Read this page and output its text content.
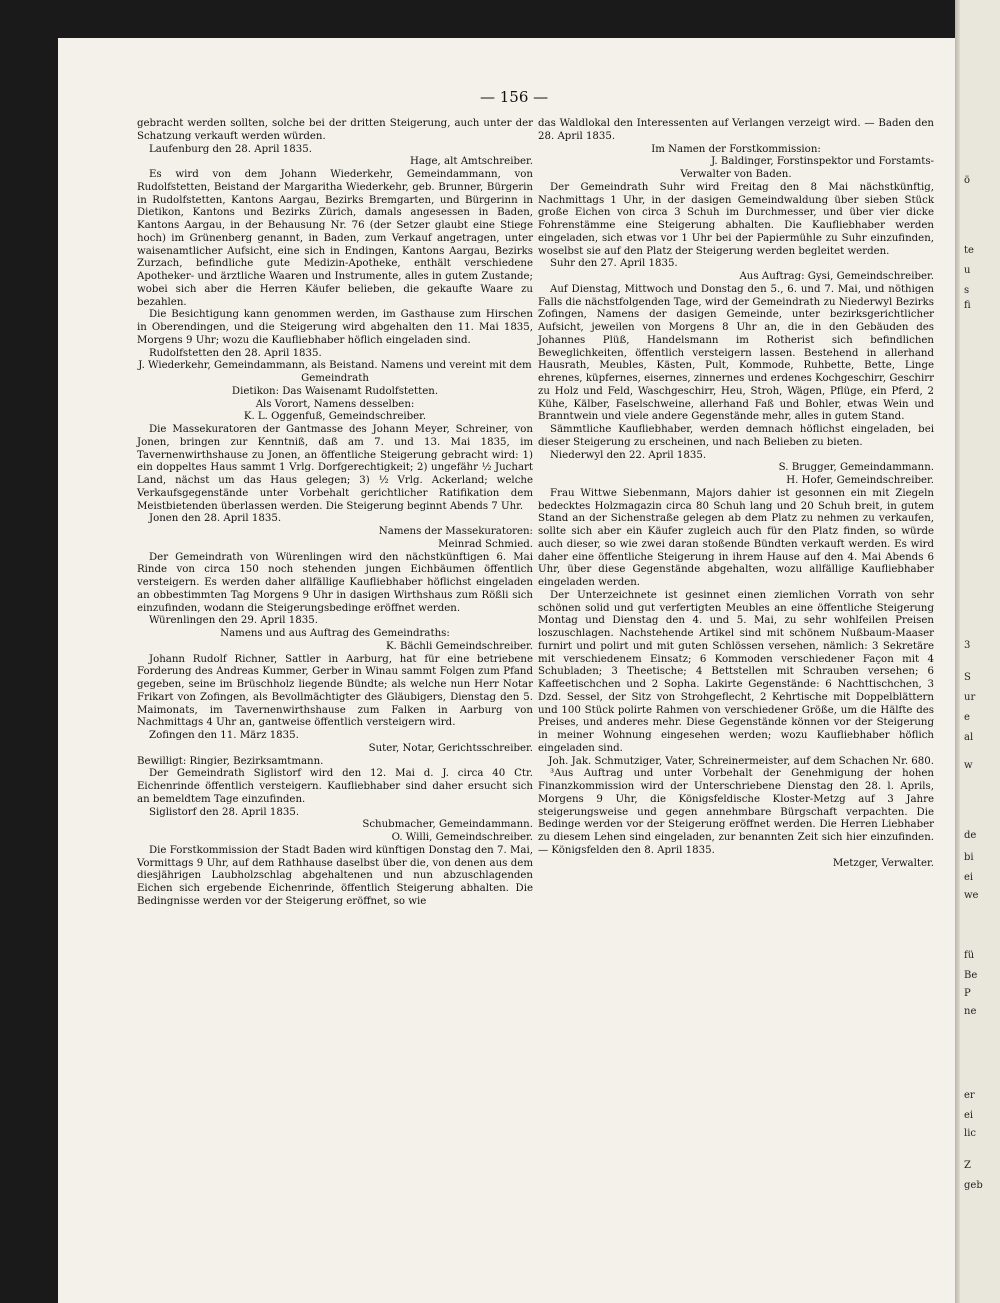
ö
te
u
s
fi
3
S
ur
e
al
w
de
bi
ei
we
fü
Be
P
ne
er
ei
lic
Z
geb
— 156 —

gebracht werden sollten, solche bei der dritten Steigerung, auch unter der Schatzung verkauft werden würden.

Laufenburg den 28. April 1835.

Hage, alt Amtschreiber.

Es wird von dem Johann Wiederkehr, Gemeindammann, von Rudolfstetten, Beistand der Margaritha Wiederkehr, geb. Brunner, Bürgerin in Rudolfstetten, Kantons Aargau, Bezirks Bremgarten, und Bürgerinn in Dietikon, Kantons und Bezirks Zürich, damals angesessen in Baden, Kantons Aargau, in der Behausung Nr. 76 (der Setzer glaubt eine Stiege hoch) im Grünenberg genannt, in Baden, zum Verkauf angetragen, unter waisenamtlicher Aufsicht, eine sich in Endingen, Kantons Aargau, Bezirks Zurzach, befindliche gute Medizin-Apotheke, enthält verschiedene Apotheker- und ärztliche Waaren und Instrumente, alles in gutem Zustande; wobei sich aber die Herren Käufer belieben, die gekaufte Waare zu bezahlen.

Die Besichtigung kann genommen werden, im Gasthause zum Hirschen in Oberendingen, und die Steigerung wird abgehalten den 11. Mai 1835, Morgens 9 Uhr; wozu die Kaufliebhaber höflich eingeladen sind.

Rudolfstetten den 28. April 1835.

J. Wiederkehr, Gemeindammann, als Beistand. Namens und vereint mit dem Gemeindrath

Dietikon: Das Waisenamt Rudolfstetten.

Als Vorort, Namens desselben:

K. L. Oggenfuß, Gemeindschreiber.

Die Massekuratoren der Gantmasse des Johann Meyer, Schreiner, von Jonen, bringen zur Kenntniß, daß am 7. und 13. Mai 1835, im Tavernenwirthshause zu Jonen, an öffentliche Steigerung gebracht wird: 1) ein doppeltes Haus sammt 1 Vrlg. Dorfgerechtigkeit; 2) ungefähr ½ Juchart Land, nächst um das Haus gelegen; 3) ½ Vrlg. Ackerland; welche Verkaufsgegenstände unter Vorbehalt gerichtlicher Ratifikation dem Meistbietenden überlassen werden. Die Steigerung beginnt Abends 7 Uhr.

Jonen den 28. April 1835.

Namens der Massekuratoren:

Meinrad Schmied.

Der Gemeindrath von Würenlingen wird den nächstkünftigen 6. Mai Rinde von circa 150 noch stehenden jungen Eichbäumen öffentlich versteigern. Es werden daher allfällige Kaufliebhaber höflichst eingeladen an obbestimmten Tag Morgens 9 Uhr in dasigen Wirthshaus zum Rößli sich einzufinden, wodann die Steigerungsbedinge eröffnet werden.

Würenlingen den 29. April 1835.

Namens und aus Auftrag des Gemeindraths:

K. Bächli Gemeindschreiber.

Johann Rudolf Richner, Sattler in Aarburg, hat für eine betriebene Forderung des Andreas Kummer, Gerber in Winau sammt Folgen zum Pfand gegeben, seine im Brüschholz liegende Bündte; als welche nun Herr Notar Frikart von Zofingen, als Bevollmächtigter des Gläubigers, Dienstag den 5. Maimonats, im Tavernenwirthshause zum Falken in Aarburg von Nachmittags 4 Uhr an, gantweise öffentlich versteigern wird.

Zofingen den 11. März 1835.

Suter, Notar, Gerichtsschreiber.

Bewilligt: Ringier, Bezirksamtmann.

Der Gemeindrath Siglistorf wird den 12. Mai d. J. circa 40 Ctr. Eichenrinde öffentlich versteigern. Kaufliebhaber sind daher ersucht sich an bemeldtem Tage einzufinden.

Siglistorf den 28. April 1835.

Schubmacher, Gemeindammann.

O. Willi, Gemeindschreiber.

Die Forstkommission der Stadt Baden wird künftigen Donstag den 7. Mai, Vormittags 9 Uhr, auf dem Rathhause daselbst über die, von denen aus dem diesjährigen Laubholzschlag abgehaltenen und nun abzuschlagenden Eichen sich ergebende Eichenrinde, öffentlich Steigerung abhalten. Die Bedingnisse werden vor der Steigerung eröffnet, so wie

das Waldlokal den Interessenten auf Verlangen verzeigt wird. — Baden den 28. April 1835.

Im Namen der Forstkommission:

J. Baldinger, Forstinspektor und Forstamts-

Verwalter von Baden.

Der Gemeindrath Suhr wird Freitag den 8 Mai nächstkünftig, Nachmittags 1 Uhr, in der dasigen Gemeindwaldung über sieben Stück große Eichen von circa 3 Schuh im Durchmesser, und über vier dicke Fohrenstämme eine Steigerung abhalten. Die Kaufliebhaber werden eingeladen, sich etwas vor 1 Uhr bei der Papiermühle zu Suhr einzufinden, woselbst sie auf den Platz der Steigerung werden begleitet werden.

Suhr den 27. April 1835.

Aus Auftrag: Gysi, Gemeindschreiber.

Auf Dienstag, Mittwoch und Donstag den 5., 6. und 7. Mai, und nöthigen Falls die nächstfolgenden Tage, wird der Gemeindrath zu Niederwyl Bezirks Zofingen, Namens der dasigen Gemeinde, unter bezirksgerichtlicher Aufsicht, jeweilen von Morgens 8 Uhr an, die in den Gebäuden des Johannes Plüß, Handelsmann im Rotherist sich befindlichen Beweglichkeiten, öffentlich versteigern lassen. Bestehend in allerhand Hausrath, Meubles, Kästen, Pult, Kommode, Ruhbette, Bette, Linge ehrenes, küpfernes, eisernes, zinnernes und erdenes Kochgeschirr, Geschirr zu Holz und Feld, Waschgeschirr, Heu, Stroh, Wägen, Pflüge, ein Pferd, 2 Kühe, Kälber, Faselschweine, allerhand Faß und Bohler, etwas Wein und Branntwein und viele andere Gegenstände mehr, alles in gutem Stand.

Sämmtliche Kaufliebhaber, werden demnach höflichst eingeladen, bei dieser Steigerung zu erscheinen, und nach Belieben zu bieten.

Niederwyl den 22. April 1835.

S. Brugger, Gemeindammann.

H. Hofer, Gemeindschreiber.

Frau Wittwe Siebenmann, Majors dahier ist gesonnen ein mit Ziegeln bedecktes Holzmagazin circa 80 Schuh lang und 20 Schuh breit, in gutem Stand an der Sichenstraße gelegen ab dem Platz zu nehmen zu verkaufen, sollte sich aber ein Käufer zugleich auch für den Platz finden, so würde auch dieser, so wie zwei daran stoßende Bündten verkauft werden. Es wird daher eine öffentliche Steigerung in ihrem Hause auf den 4. Mai Abends 6 Uhr, über diese Gegenstände abgehalten, wozu allfällige Kaufliebhaber eingeladen werden.

Der Unterzeichnete ist gesinnet einen ziemlichen Vorrath von sehr schönen solid und gut verfertigten Meubles an eine öffentliche Steigerung Montag und Dienstag den 4. und 5. Mai, zu sehr wohlfeilen Preisen loszuschlagen. Nachstehende Artikel sind mit schönem Nußbaum-Maaser furnirt und polirt und mit guten Schlössen versehen, nämlich: 3 Sekretäre mit verschiedenem Einsatz; 6 Kommoden verschiedener Façon mit 4 Schubladen; 3 Theetische; 4 Bettstellen mit Schrauben versehen; 6 Kaffeetischchen und 2 Sopha. Lakirte Gegenstände: 6 Nachttischchen, 3 Dzd. Sessel, der Sitz von Strohgeflecht, 2 Kehrtische mit Doppelblättern und 100 Stück polirte Rahmen von verschiedener Größe, um die Hälfte des Preises, und anderes mehr. Diese Gegenstände können vor der Steigerung in meiner Wohnung eingesehen werden; wozu Kaufliebhaber höflich eingeladen sind.

Joh. Jak. Schmutziger, Vater, Schreinermeister, auf dem Schachen Nr. 680.

³Aus Auftrag und unter Vorbehalt der Genehmigung der hohen Finanzkommission wird der Unterschriebene Dienstag den 28. l. Aprils, Morgens 9 Uhr, die Königsfeldische Kloster-Metzg auf 3 Jahre steigerungsweise und gegen annehmbare Bürgschaft verpachten. Die Bedinge werden vor der Steigerung eröffnet werden. Die Herren Liebhaber zu diesem Lehen sind eingeladen, zur benannten Zeit sich hier einzufinden. — Königsfelden den 8. April 1835.

Metzger, Verwalter.
